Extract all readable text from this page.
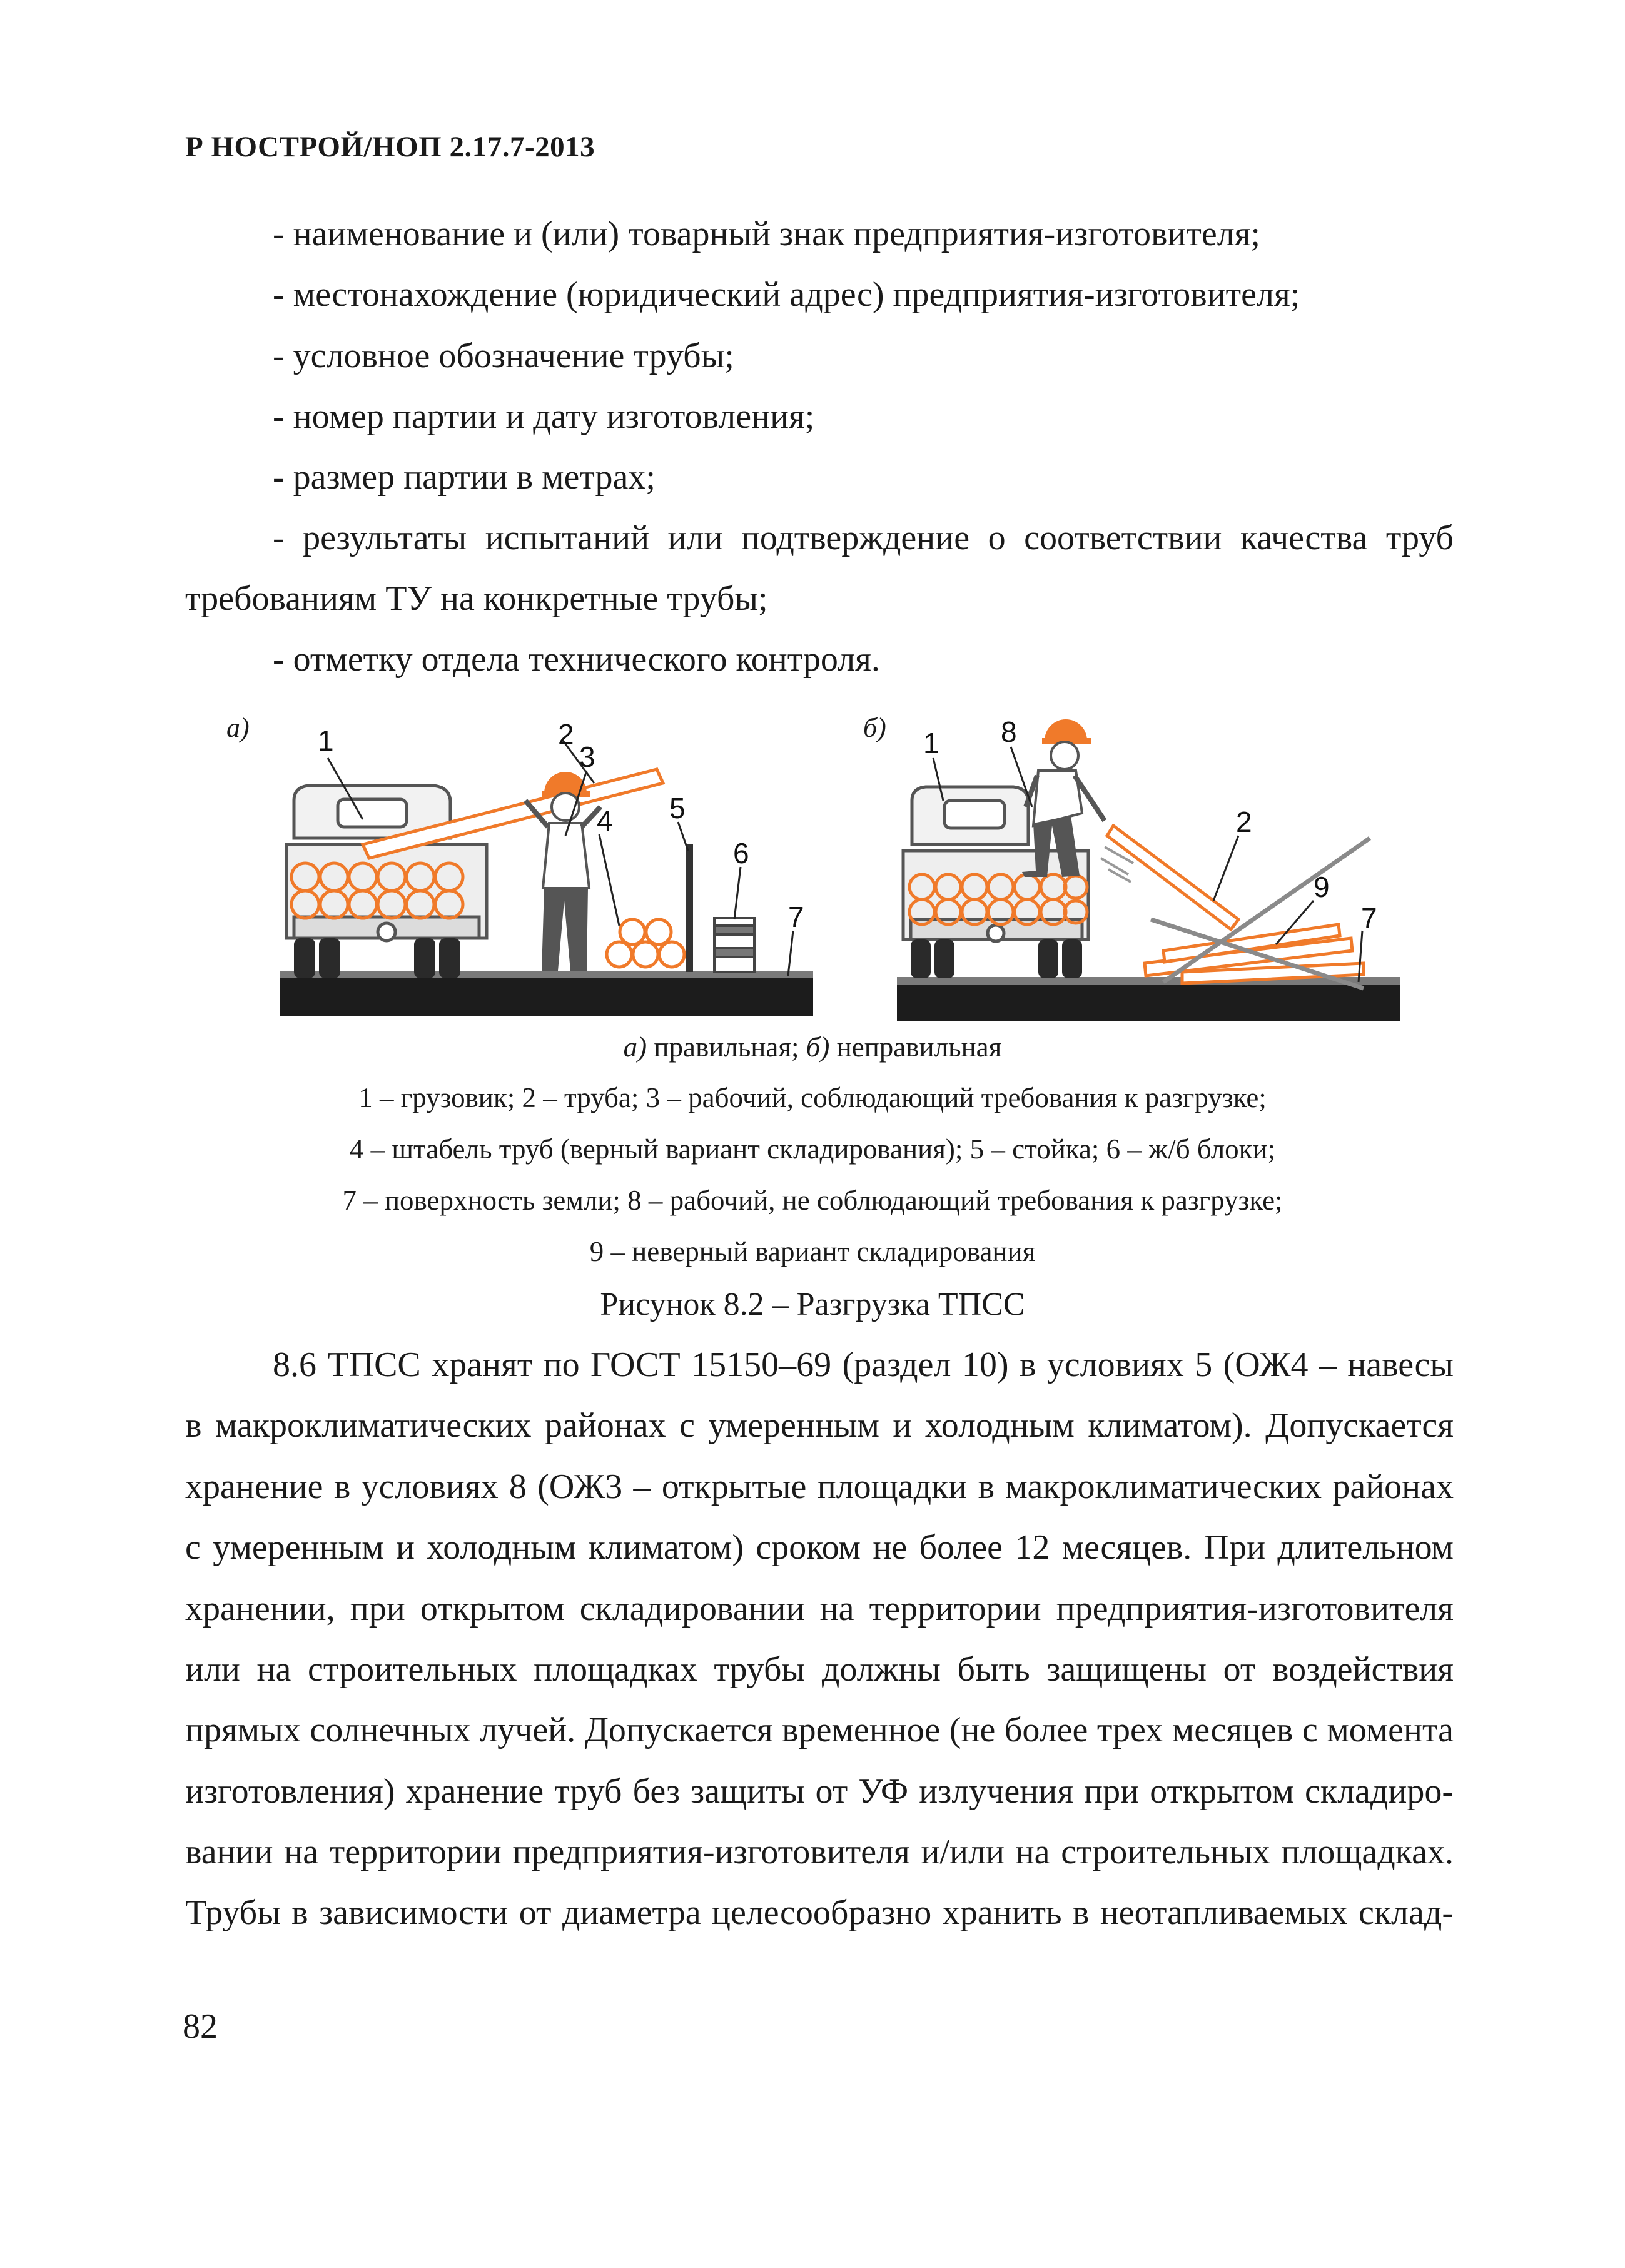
Р НОСТРОЙ/НОП 2.17.7-2013
- наименование и (или) товарный знак предприятия-изготовителя;
- местонахождение (юридический адрес) предприятия-изготовителя;
- условное обозначение трубы;
- номер партии и дату изготовления;
- размер партии в метрах;
- результаты испытаний или подтверждение о соответствии качества труб
требованиям ТУ на конкретные трубы;
- отметку отдела технического контроля.
а)	б)
1	2
3
4 5
6
7
1 8
2
9
7
а) правильная; б) неправильная
1 – грузовик; 2 – труба; 3 – рабочий, соблюдающий требования к разгрузке;
4 – штабель труб (верный вариант складирования); 5 – стойка; 6 – ж/б блоки;
7 – поверхность земли; 8 – рабочий, не соблюдающий требования к разгрузке;
9 – неверный вариант складирования
Рисунок 8.2 – Разгрузка ТПСС
8.6 ТПСС хранят по ГОСТ 15150–69 (раздел 10) в условиях 5 (ОЖ4 – навесы
в макроклиматических районах с умеренным и холодным климатом). Допускается
хранение в условиях 8 (ОЖ3 – открытые площадки в макроклиматических районах
с умеренным и холодным климатом) сроком не более 12 месяцев. При длительном
хранении, при открытом складировании на территории предприятия-изготовителя
или на строительных площадках трубы должны быть защищены от воздействия
прямых солнечных лучей. Допускается временное (не более трех месяцев с момента
изготовления) хранение труб без защиты от УФ излучения при открытом складиро-
вании на территории предприятия-изготовителя и/или на строительных площадках.
Трубы в зависимости от диаметра целесообразно хранить в неотапливаемых склад-
82
